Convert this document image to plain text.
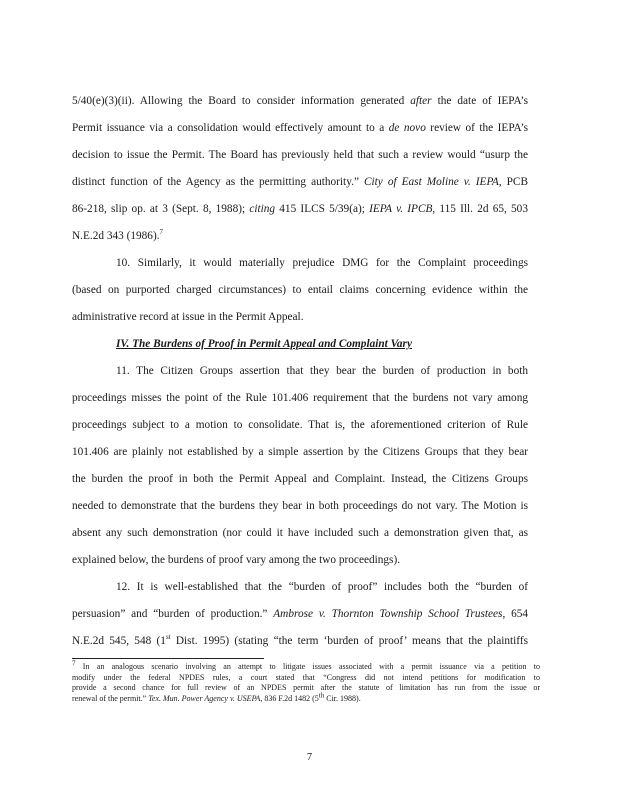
5/40(e)(3)(ii). Allowing the Board to consider information generated after the date of IEPA’s
Permit issuance via a consolidation would effectively amount to a de novo review of the IEPA’s
decision to issue the Permit. The Board has previously held that such a review would “usurp the
distinct function of the Agency as the permitting authority.” City of East Moline v. IEPA, PCB
86-218, slip op. at 3 (Sept. 8, 1988); citing 415 ILCS 5/39(a); IEPA v. IPCB, 115 Ill. 2d 65, 503
N.E.2d 343 (1986).$^7$

10. Similarly, it would materially prejudice DMG for the Complaint proceedings
(based on purported charged circumstances) to entail claims concerning evidence within the
administrative record at issue in the Permit Appeal.

IV. The Burdens of Proof in Permit Appeal and Complaint Vary

11. The Citizen Groups assertion that they bear the burden of production in both
proceedings misses the point of the Rule 101.406 requirement that the burdens not vary among
proceedings subject to a motion to consolidate. That is, the aforementioned criterion of Rule
101.406 are plainly not established by a simple assertion by the Citizens Groups that they bear
the burden the proof in both the Permit Appeal and Complaint. Instead, the Citizens Groups
needed to demonstrate that the burdens they bear in both proceedings do not vary. The Motion is
absent any such demonstration (nor could it have included such a demonstration given that, as
explained below, the burdens of proof vary among the two proceedings).

12. It is well-established that the “burden of proof” includes both the “burden of
persuasion” and “burden of production.” Ambrose v. Thornton Township School Trustees, 654
N.E.2d 545, 548 (1st Dist. 1995) (stating “the term ‘burden of proof’ means that the plaintiffs

$^7$ In an analogous scenario involving an attempt to litigate issues associated with a permit issuance via a petition to
modify under the federal NPDES rules, a court stated that “Congress did not intend petitions for modification to
provide a second chance for full review of an NPDES permit after the statute of limitation has run from the issue or
renewal of the permit.” Tex. Mun. Power Agency v. USEPA, 836 F.2d 1482 (5th Cir. 1988).
7
